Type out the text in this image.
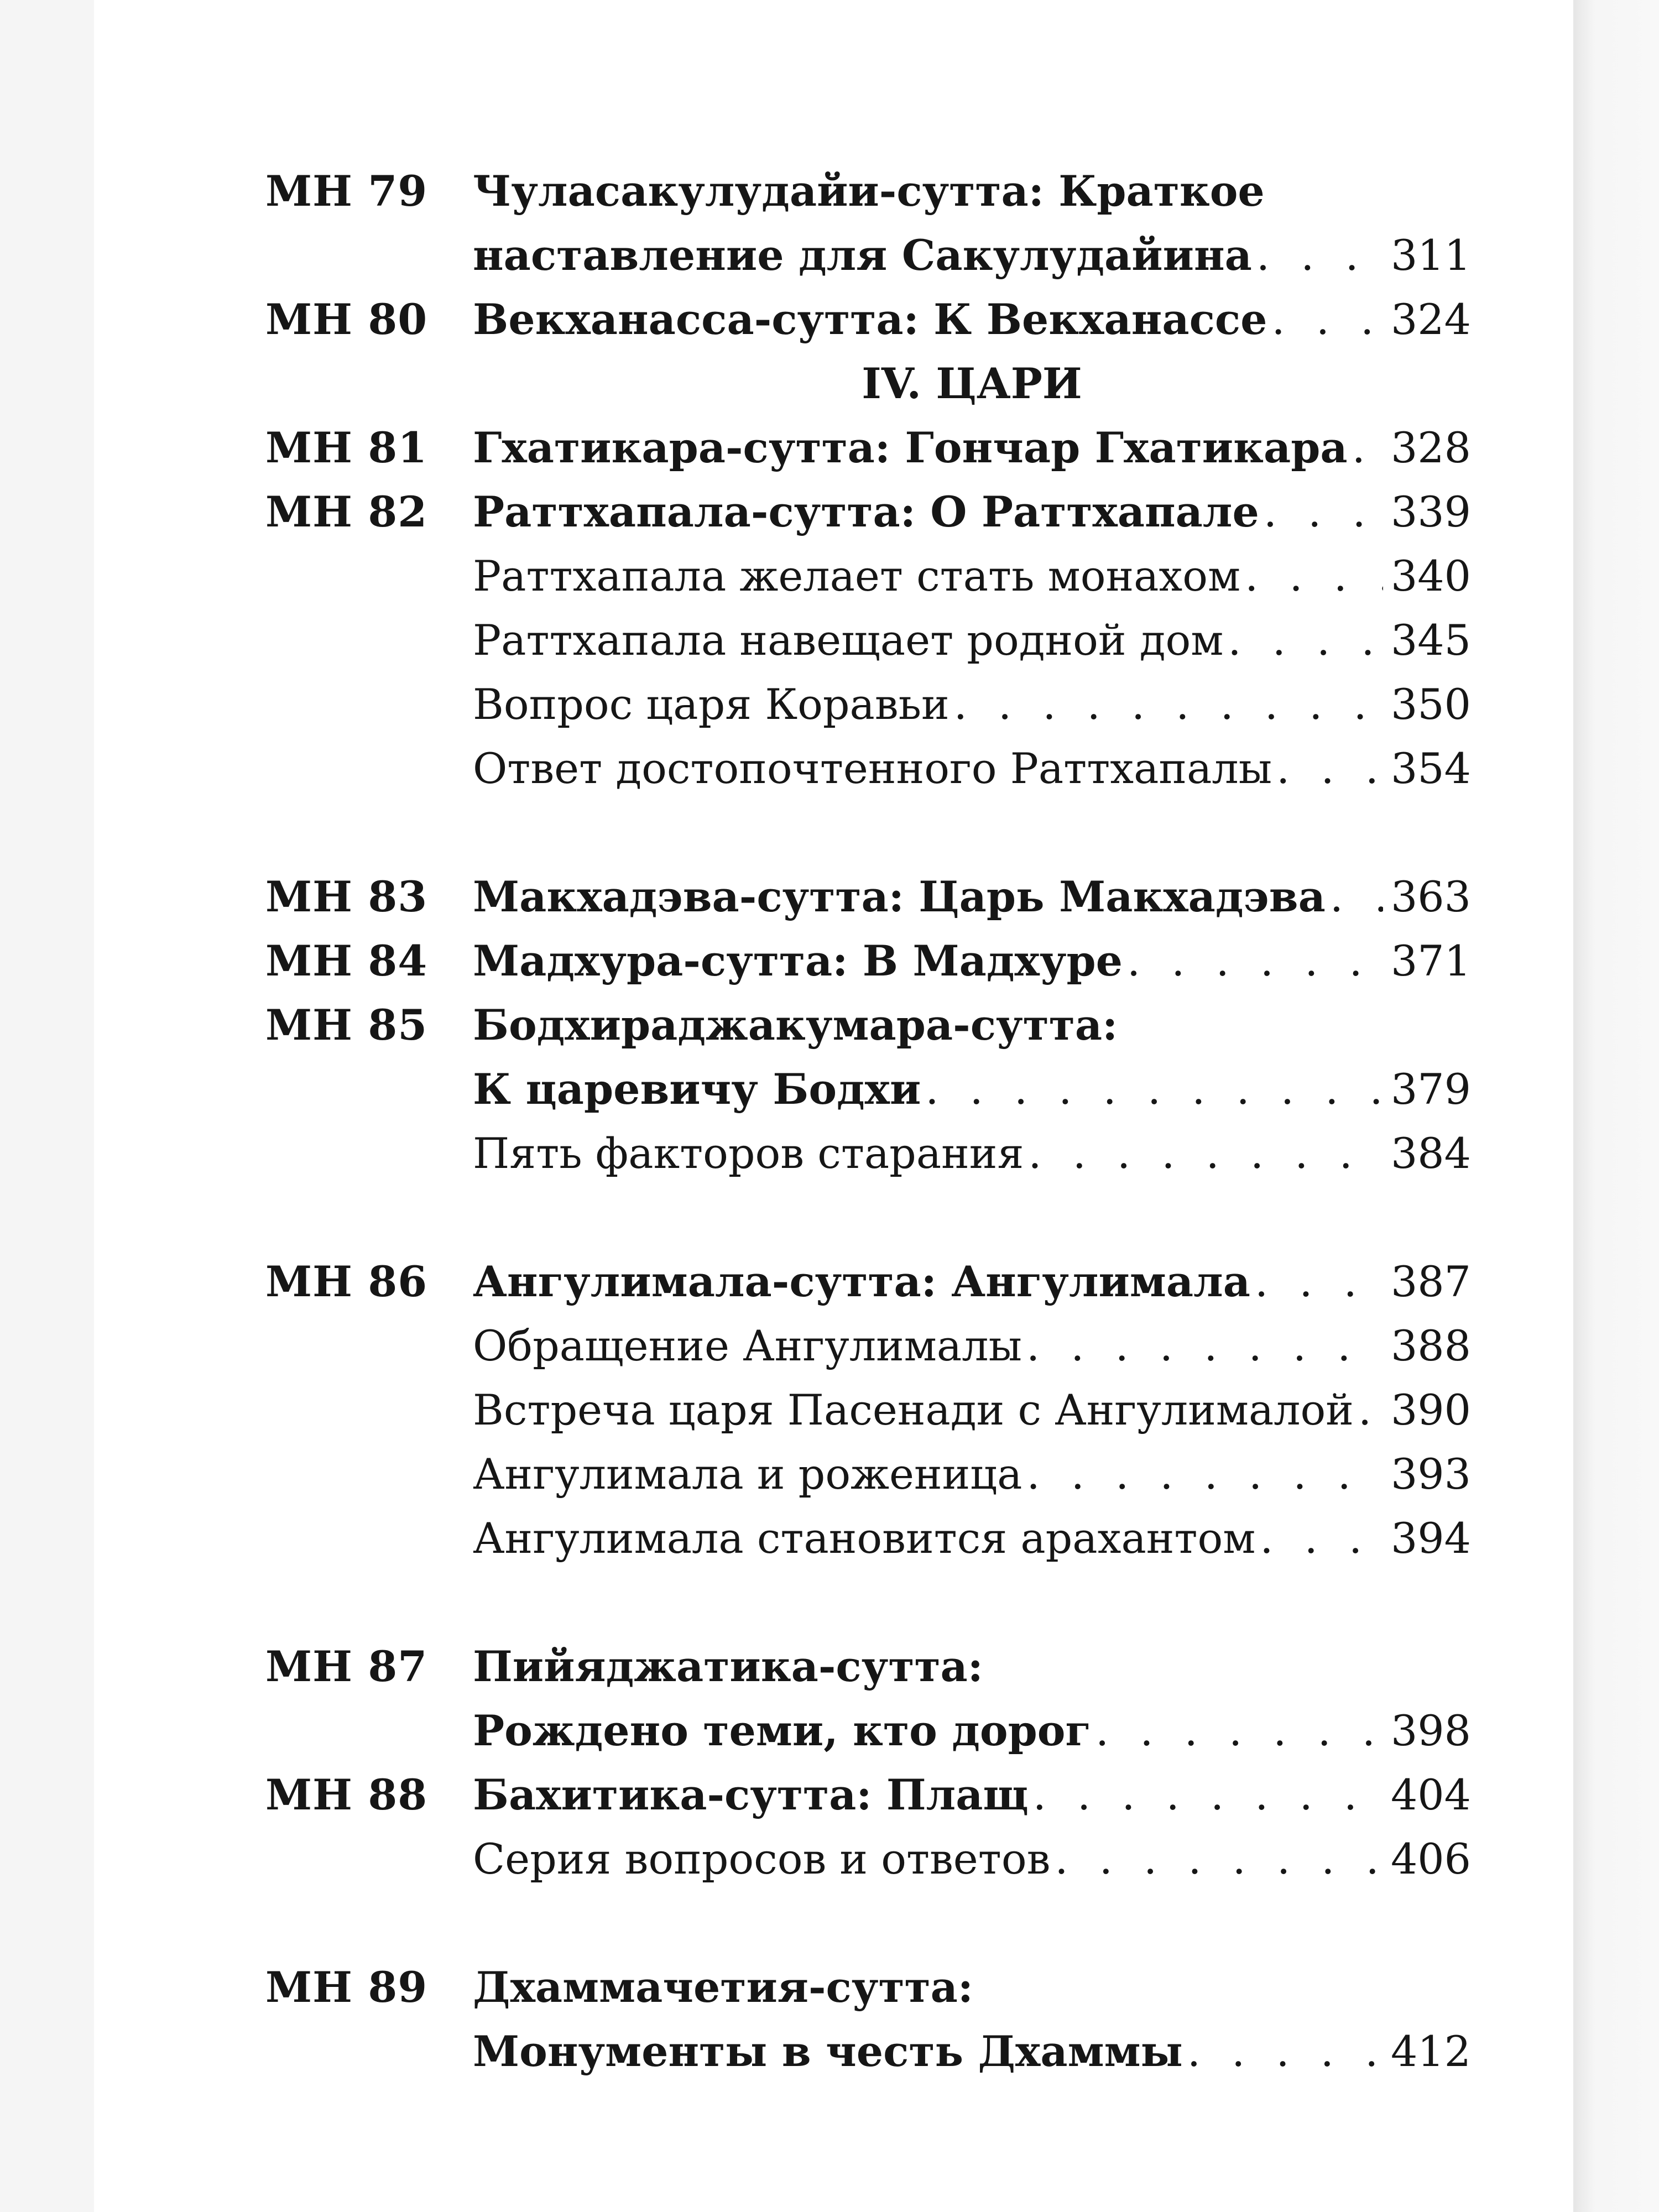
МН 79 Чуласакулудайи-сутта: Краткое
наставление для Сакулудайина . . .	311
МН 80 Векханасса-сутта: К Векханассе . . .	324
IV. ЦАРИ
МН 81 Гхатикара-сутта: Гончар Гхатикара . . . 328
МН 82 Раттхапала-сутта: О Раттхапале . . .	339
Раттхапала желает стать монахом . . .	340
Раттхапала навещает родной дом . . .	345
Вопрос царя Коравьи . . .	350
Ответ достопочтенного Раттхапалы . . .	354
МН 83 Макхадэва-сутта: Царь Макхадэва . . . 363
МН 84 Мадхура-сутта: В Мадхуре . . .	371
МН 85 Бодхираджакумара-сутта:
К царевичу Бодхи . . .	379
Пять факторов старания . . .	384
МН 86 Ангулимала-сутта: Ангулимала . . .	387
Обращение Ангулималы . . .	388
Встреча царя Пасенади с Ангулималой . . . 390
Ангулимала и роженица . . .	393
Ангулимала становится арахантом . . .	394
МН 87 Пийяджатика-сутта:
Рождено теми, кто дорог . . .	398
МН 88 Бахитика-сутта: Плащ . . .	404
Серия вопросов и ответов . . .	406
МН 89 Дхаммачетия-сутта:
Монументы в честь Дхаммы . . .	412
